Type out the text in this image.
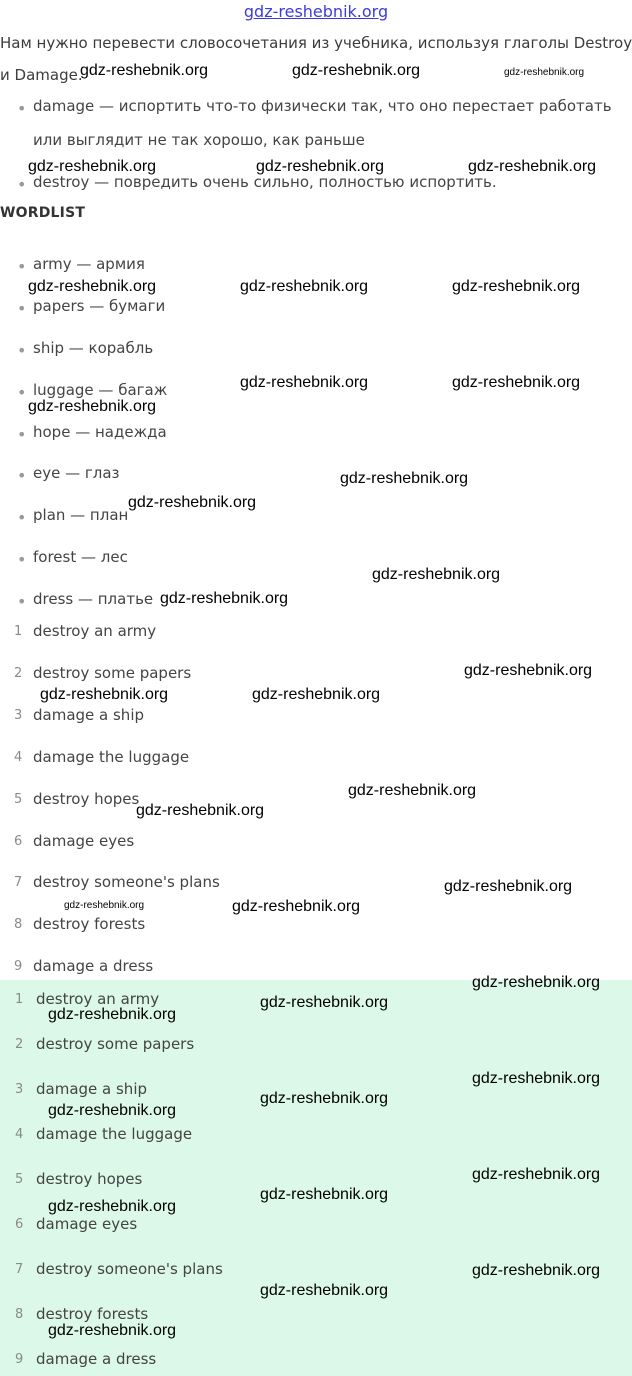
gdz-reshebnik.org
Нам нужно перевести словосочетания из учебника, используя глаголы Destroy
и Damage.
• damage — испортить что-то физически так, что оно перестает работать
или выглядит не так хорошо, как раньше
• destroy — повредить очень сильно, полностью испортить.
WORDLIST
• army — армия
• papers — бумаги
• ship — корабль
• luggage — багаж
• hope — надежда
• eye — глаз
• plan — план
• forest — лес
• dress — платье
1 destroy an army
2 destroy some papers
3 damage a ship
4 damage the luggage
5 destroy hopes
6 damage eyes
7 destroy someone's plans
8 destroy forests
9 damage a dress
1 destroy an army
2 destroy some papers
3 damage a ship
4 damage the luggage
5 destroy hopes
6 damage eyes
7 destroy someone's plans
8 destroy forests
9 damage a dress
gdz-reshebnik.org	gdz-reshebnik.org
gdz-reshebnik.org	gdz-reshebnik.org	gdz-reshebnik.org
gdz-reshebnik.org	gdz-reshebnik.org	gdz-reshebnik.org
gdz-reshebnik.org	gdz-reshebnik.org
gdz-reshebnik.org
gdz-reshebnik.org
gdz-reshebnik.org
gdz-reshebnik.org
gdz-reshebnik.org
gdz-reshebnik.org
gdz-reshebnik.org	gdz-reshebnik.org
gdz-reshebnik.org
gdz-reshebnik.org
gdz-reshebnik.org
gdz-reshebnik.org
gdz-reshebnik.org
gdz-reshebnik.org
gdz-reshebnik.org
gdz-reshebnik.org
gdz-reshebnik.org
gdz-reshebnik.org
gdz-reshebnik.org
gdz-reshebnik.org
gdz-reshebnik.org
gdz-reshebnik.org
gdz-reshebnik.org
gdz-reshebnik.org
gdz-reshebnik.org
gdz-reshebnik.org
